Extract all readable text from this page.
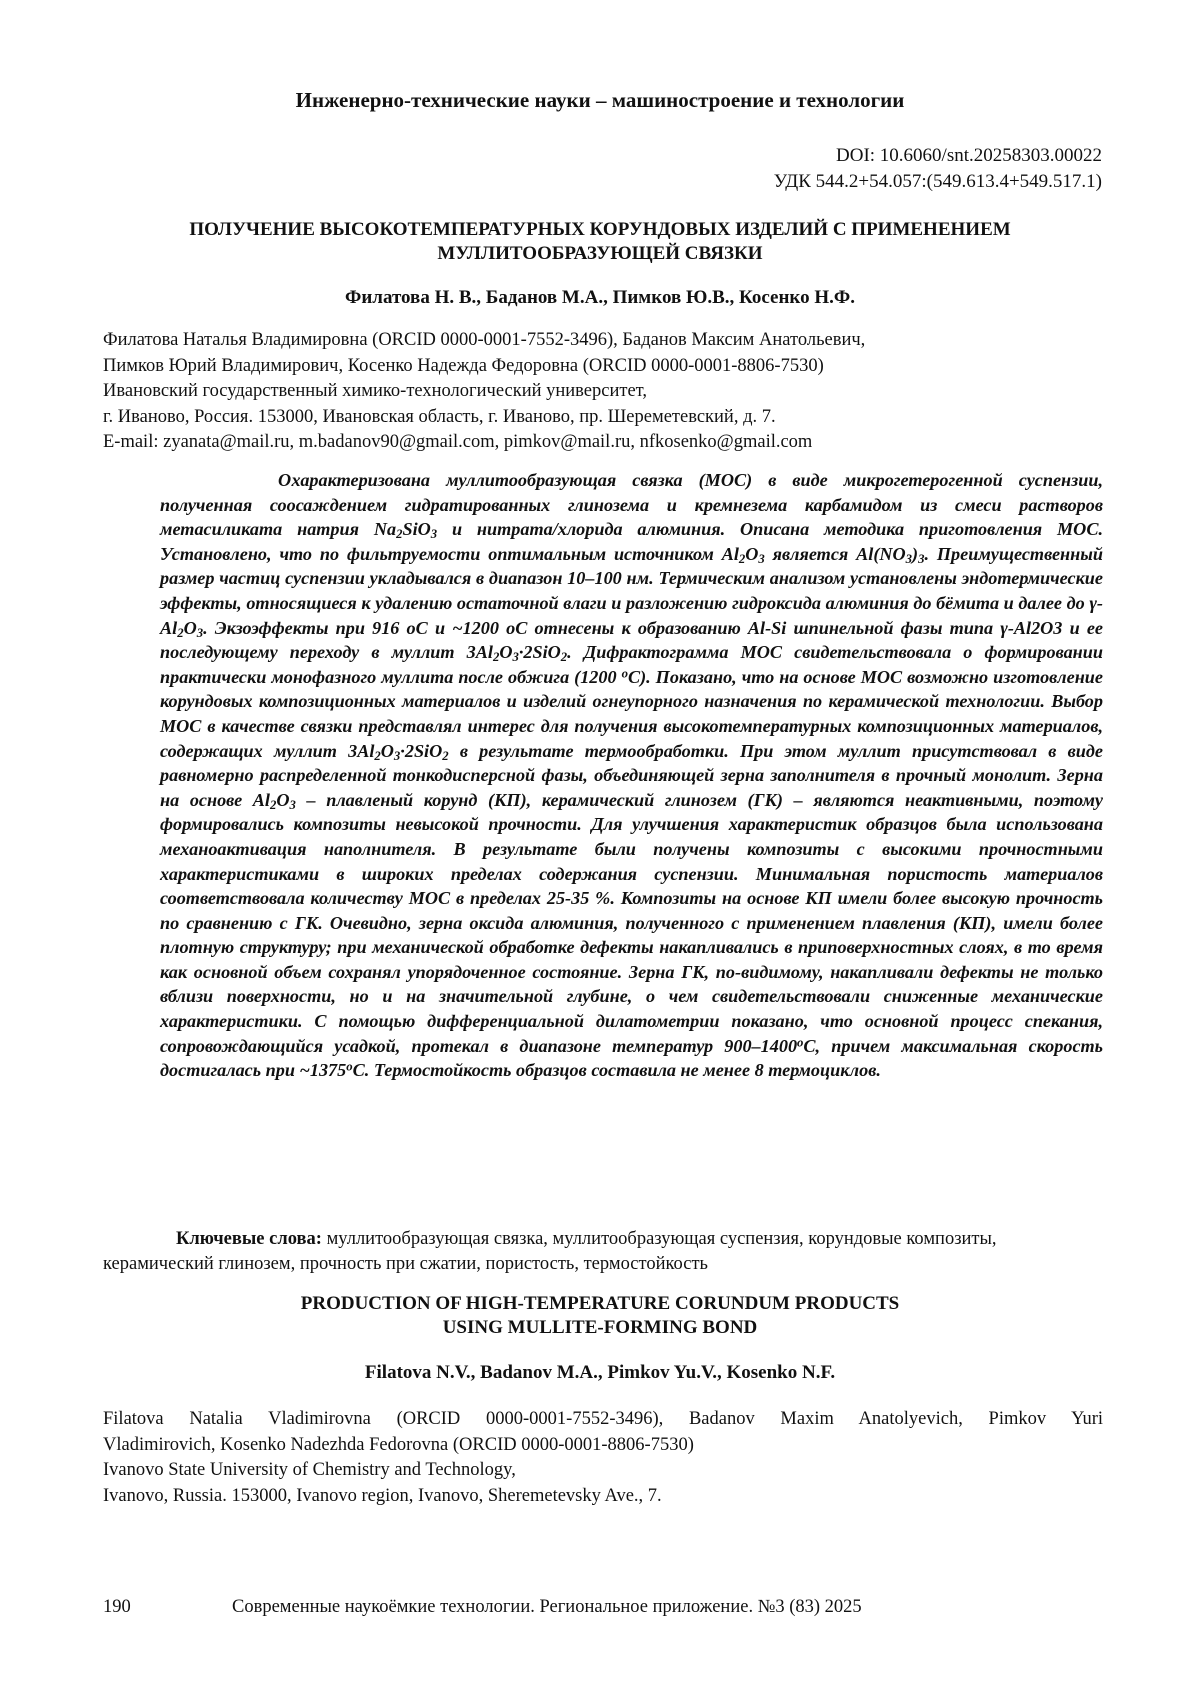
Инженерно-технические науки – машиностроение и технологии
DOI: 10.6060/snt.20258303.00022
УДК 544.2+54.057:(549.613.4+549.517.1)
ПОЛУЧЕНИЕ ВЫСОКОТЕМПЕРАТУРНЫХ КОРУНДОВЫХ ИЗДЕЛИЙ С ПРИМЕНЕНИЕМ
МУЛЛИТООБРАЗУЮЩЕЙ СВЯЗКИ
Филатова Н. В., Баданов М.А., Пимков Ю.В., Косенко Н.Ф.
Филатова Наталья Владимировна (ORCID 0000-0001-7552-3496), Баданов Максим Анатольевич,
Пимков Юрий Владимирович, Косенко Надежда Федоровна (ORCID 0000-0001-8806-7530)
Ивановский государственный химико-технологический университет,
г. Иваново, Россия. 153000, Ивановская область, г. Иваново, пр. Шереметевский, д. 7.
E-mail: zyanata@mail.ru, m.badanov90@gmail.com, pimkov@mail.ru, nfkosenko@gmail.com
Охарактеризована муллитообразующая связка (МОС) в виде микрогетерогенной суспензии, полученная соосаждением гидратированных глинозема и кремнезема карбамидом из смеси растворов метасиликата натрия $Na_2SiO_3$ и нитрата/хлорида алюминия. Описана методика приготовления МОС. Установлено, что по фильтруемости оптимальным источником $Al_2O_3$ является $Al(NO_3)_3$. Преимущественный размер частиц суспензии укладывался в диапазон 10–100 нм. Термическим анализом установлены эндотермические эффекты, относящиеся к удалению остаточной влаги и разложению гидроксида алюминия до бёмита и далее до $\gamma-Al_2O_3$. Экзоэффекты при 916 оС и ~1200 оС отнесены к образованию Al-Si шпинельной фазы типа γ-Al2O3 и ее последующему переходу в муллит $3Al_2O_3\cdot 2SiO_2$. Дифрактограмма МОС свидетельствовала о формировании практически монофазного муллита после обжига (1200 $^о$С). Показано, что на основе МОС возможно изготовление корундовых композиционных материалов и изделий огнеупорного назначения по керамической технологии. Выбор МОС в качестве связки представлял интерес для получения высокотемпературных композиционных материалов, содержащих муллит $3Al_2O_3\cdot 2SiO_2$ в результате термообработки. При этом муллит присутствовал в виде равномерно распределенной тонкодисперсной фазы, объединяющей зерна заполнителя в прочный монолит. Зерна на основе $Al_2O_3$ – плавленый корунд (КП), керамический глинозем (ГК) – являются неактивными, поэтому формировались композиты невысокой прочности. Для улучшения характеристик образцов была использована механоактивация наполнителя. В результате были получены композиты с высокими прочностными характеристиками в широких пределах содержания суспензии. Минимальная пористость материалов соответствовала количеству МОС в пределах 25-35 %. Композиты на основе КП имели более высокую прочность по сравнению с ГК. Очевидно, зерна оксида алюминия, полученного с применением плавления (КП), имели более плотную структуру; при механической обработке дефекты накапливались в приповерхностных слоях, в то время как основной объем сохранял упорядоченное состояние. Зерна ГК, по-видимому, накапливали дефекты не только вблизи поверхности, но и на значительной глубине, о чем свидетельствовали сниженные механические характеристики. С помощью дифференциальной дилатометрии показано, что основной процесс спекания, сопровождающийся усадкой, протекал в диапазоне температур $900-1400^оС$, причем максимальная скорость достигалась при $\sim 1375^оС$. Термостойкость образцов составила не менее 8 термоциклов.
Ключевые слова: муллитообразующая связка, муллитообразующая суспензия, корундовые композиты, керамический глинозем, прочность при сжатии, пористость, термостойкость
PRODUCTION OF HIGH-TEMPERATURE CORUNDUM PRODUCTS
USING MULLITE-FORMING BOND
Filatova N.V., Badanov M.A., Pimkov Yu.V., Kosenko N.F.
Filatova Natalia Vladimirovna (ORCID 0000-0001-7552-3496), Badanov Maxim Anatolyevich, Pimkov Yuri
Vladimirovich, Kosenko Nadezhda Fedorovna (ORCID 0000-0001-8806-7530)
Ivanovo State University of Chemistry and Technology,
Ivanovo, Russia. 153000, Ivanovo region, Ivanovo, Sheremetevsky Ave., 7.
190	Современные наукоёмкие технологии. Региональное приложение. №3 (83) 2025
